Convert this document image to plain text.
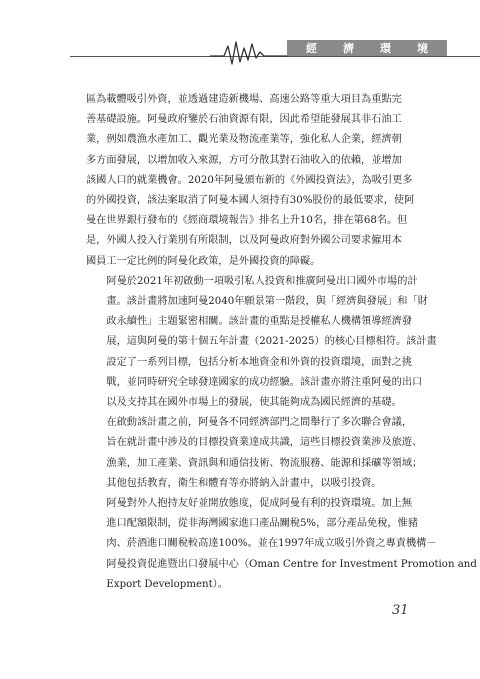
經 濟 環 境

區為載體吸引外資，並透過建造新機場、高速公路等重大項目為重點完
善基礎設施。阿曼政府鑒於石油資源有限，因此希望能發展其非石油工
業，例如農漁水產加工、觀光業及物流產業等，強化私人企業，經濟朝
多方面發展，以增加收入來源，方可分散其對石油收入的依賴，並增加
該國人口的就業機會。2020年阿曼頒布新的《外國投資法》，為吸引更多
的外國投資，該法案取消了阿曼本國人須持有30%股份的最低要求，使阿
曼在世界銀行發布的《經商環境報告》排名上升10名，排在第68名。但
是，外國人投入行業別有所限制，以及阿曼政府對外國公司要求僱用本
國員工一定比例的阿曼化政策，是外國投資的障礙。

阿曼於2021年初啟動一項吸引私人投資和推廣阿曼出口國外市場的計
畫。該計畫將加速阿曼2040年願景第一階段，與「經濟與發展」和「財
政永續性」主題緊密相關。該計畫的重點是授權私人機構領導經濟發
展，這與阿曼的第十個五年計畫（2021-2025）的核心目標相符。該計畫
設定了一系列目標，包括分析本地資金和外資的投資環境，面對之挑
戰，並同時研究全球發達國家的成功經驗。該計畫亦將注重阿曼的出口
以及支持其在國外市場上的發展，使其能夠成為國民經濟的基礎。

在啟動該計畫之前，阿曼各不同經濟部門之間舉行了多次聯合會議，
旨在就計畫中涉及的目標投資業達成共識，這些目標投資業涉及旅遊、
漁業，加工產業、資訊與和通信技術、物流服務、能源和採礦等領域；
其他包括教育，衛生和體育等亦將納入計畫中，以吸引投資。

阿曼對外人抱持友好並開放態度，促成阿曼有利的投資環境。加上無
進口配額限制，從非海灣國家進口產品關稅5%，部分產品免稅，惟豬
肉、菸酒進口關稅較高達100%。並在1997年成立吸引外資之專責機構－
阿曼投資促進暨出口發展中心（Oman Centre for Investment Promotion and
Export Development）。

31
